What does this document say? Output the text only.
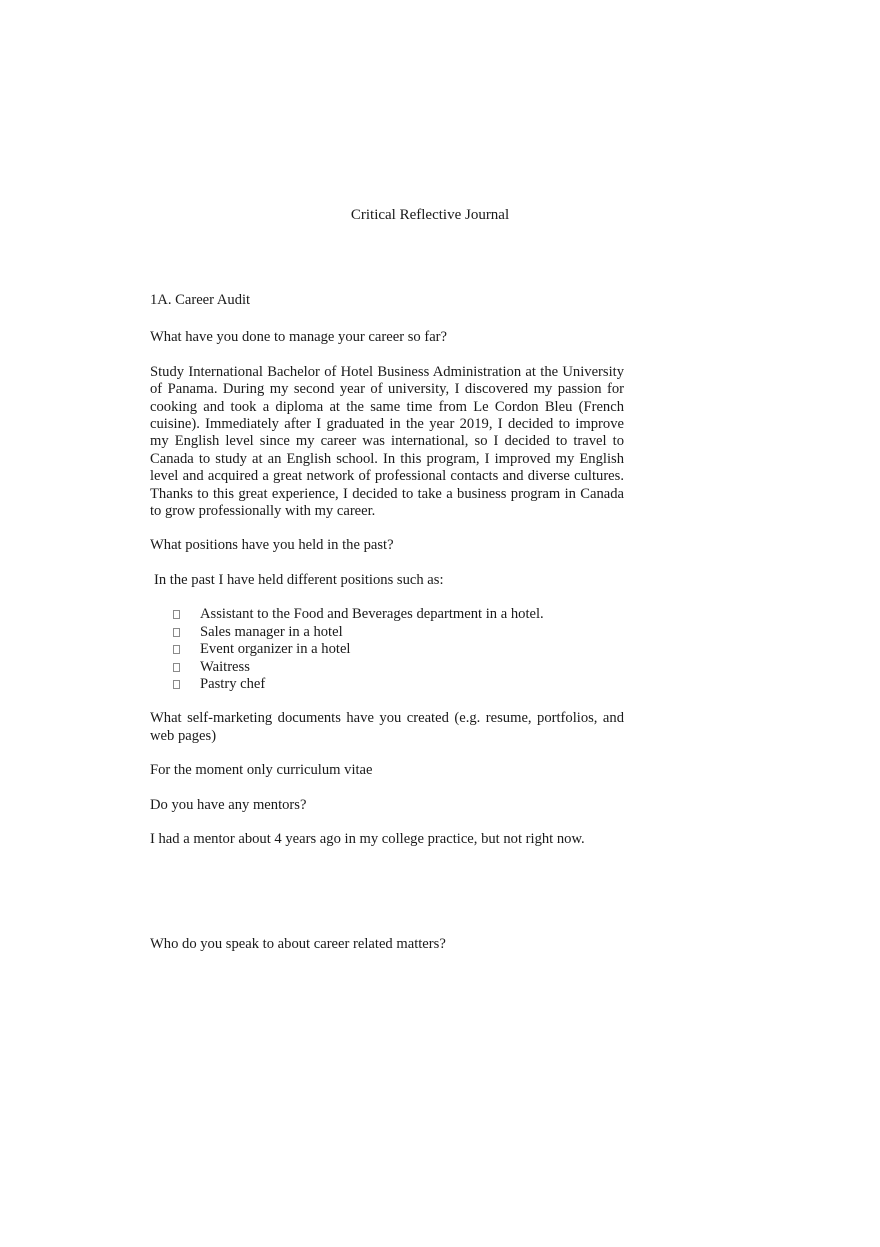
Critical Reflective Journal

1A. Career Audit

What have you done to manage your career so far?

Study International Bachelor of Hotel Business Administration at the University of Panama. During my second year of university, I discovered my passion for cooking and took a diploma at the same time from Le Cordon Bleu (French cuisine). Immediately after I graduated in the year 2019, I decided to improve my English level since my career was international, so I decided to travel to Canada to study at an English school. In this program, I improved my English level and acquired a great network of professional contacts and diverse cultures. Thanks to this great experience, I decided to take a business program in Canada to grow professionally with my career.

What positions have you held in the past?

In the past I have held different positions such as:

Assistant to the Food and Beverages department in a hotel.
Sales manager in a hotel
Event organizer in a hotel
Waitress
Pastry chef

What self-marketing documents have you created (e.g. resume, portfolios, and web pages)

For the moment only curriculum vitae

Do you have any mentors?

I had a mentor about 4 years ago in my college practice, but not right now.

Who do you speak to about career related matters?
